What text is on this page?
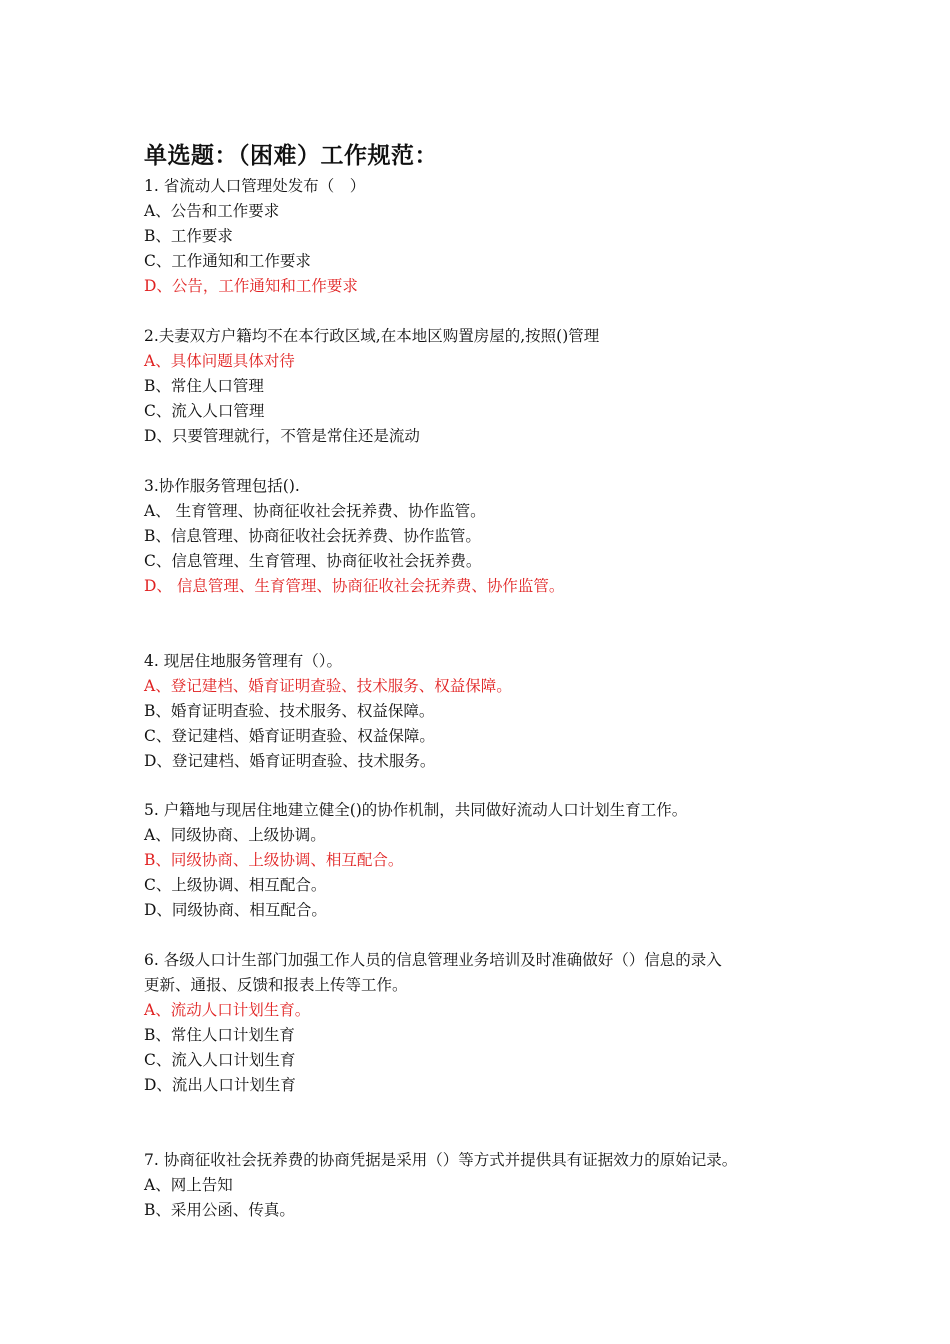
单选题：（困难）工作规范：
1. 省流动人口管理处发布（　）
A、公告和工作要求
B、工作要求
C、工作通知和工作要求
D、公告，工作通知和工作要求
2.夫妻双方户籍均不在本行政区域,在本地区购置房屋的,按照()管理
A、具体问题具体对待
B、常住人口管理
C、流入人口管理
D、只要管理就行，不管是常住还是流动
3.协作服务管理包括().
A、 生育管理、协商征收社会抚养费、协作监管。
B、信息管理、协商征收社会抚养费、协作监管。
C、信息管理、生育管理、协商征收社会抚养费。
D、 信息管理、生育管理、协商征收社会抚养费、协作监管。
4. 现居住地服务管理有（）。
A、登记建档、婚育证明查验、技术服务、权益保障。
B、婚育证明查验、技术服务、权益保障。
C、登记建档、婚育证明查验、权益保障。
D、登记建档、婚育证明查验、技术服务。
5. 户籍地与现居住地建立健全()的协作机制，共同做好流动人口计划生育工作。
A、同级协商、上级协调。
B、同级协商、上级协调、相互配合。
C、上级协调、相互配合。
D、同级协商、相互配合。
6. 各级人口计生部门加强工作人员的信息管理业务培训及时准确做好（）信息的录入
更新、通报、反馈和报表上传等工作。
A、流动人口计划生育。
B、常住人口计划生育
C、流入人口计划生育
D、流出人口计划生育
7. 协商征收社会抚养费的协商凭据是采用（）等方式并提供具有证据效力的原始记录。
A、网上告知
B、采用公函、传真。
